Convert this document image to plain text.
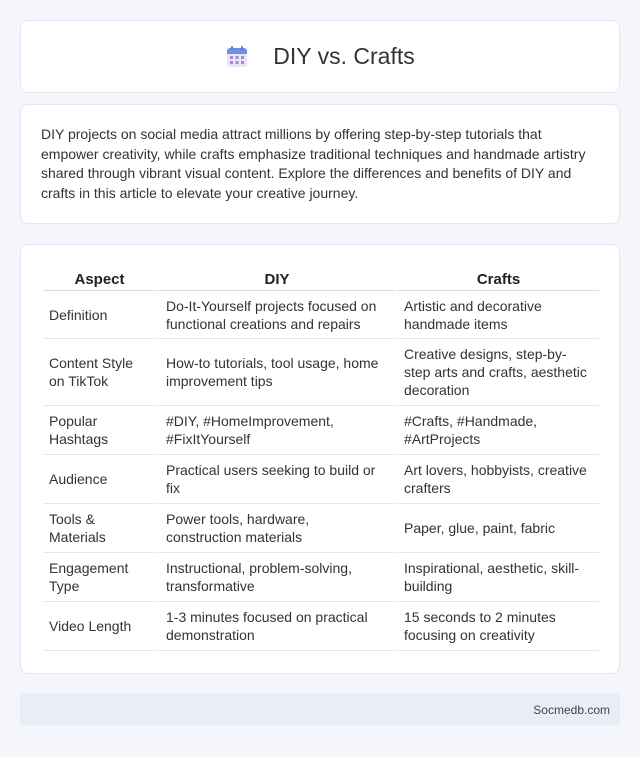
DIY vs. Crafts

DIY projects on social media attract millions by offering step-by-step tutorials that empower creativity, while crafts emphasize traditional techniques and handmade artistry shared through vibrant visual content. Explore the differences and benefits of DIY and crafts in this article to elevate your creative journey.

Aspect	DIY	Crafts
Definition	Do-It-Yourself projects focused on functional creations and repairs	Artistic and decorative handmade items
Content Style on TikTok	How-to tutorials, tool usage, home improvement tips	Creative designs, step-by-step arts and crafts, aesthetic decoration
Popular Hashtags	#DIY, #HomeImprovement, #FixItYourself	#Crafts, #Handmade, #ArtProjects
Audience	Practical users seeking to build or fix	Art lovers, hobbyists, creative crafters
Tools & Materials	Power tools, hardware, construction materials	Paper, glue, paint, fabric
Engagement Type	Instructional, problem-solving, transformative	Inspirational, aesthetic, skill-building
Video Length	1-3 minutes focused on practical demonstration	15 seconds to 2 minutes focusing on creativity
Socmedb.com
